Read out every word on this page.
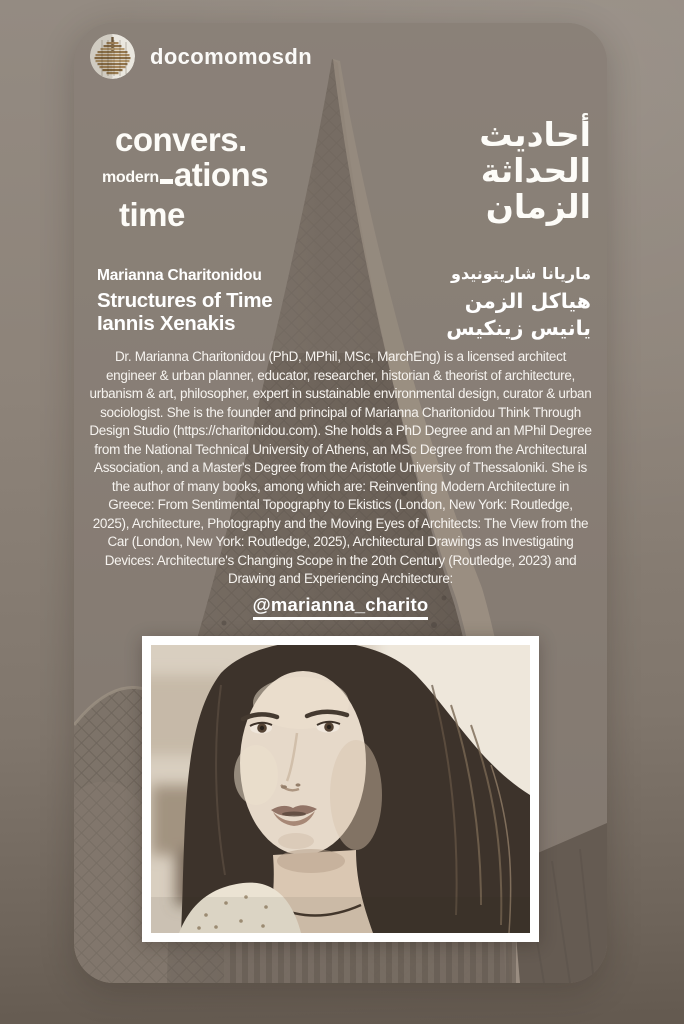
docomomosdn
convers.
modern ations
time
أحاديث
الحداثة
الزمان
Marianna Charitonidou
Structures of Time
Iannis Xenakis
ماريانا شاريتونيدو
هياكل الزمن
يانيس زينكيس
Dr. Marianna Charitonidou (PhD, MPhil, MSc, MarchEng) is a licensed architect engineer & urban planner, educator, researcher, historian & theorist of architecture, urbanism & art, philosopher, expert in sustainable environmental design, curator & urban sociologist. She is the founder and principal of Marianna Charitonidou Think Through Design Studio (https://charitonidou.com). She holds a PhD Degree and an MPhil Degree from the National Technical University of Athens, an MSc Degree from the Architectural Association, and a Master's Degree from the Aristotle University of Thessaloniki. She is the author of many books, among which are: Reinventing Modern Architecture in Greece: From Sentimental Topography to Ekistics (London, New York: Routledge, 2025), Architecture, Photography and the Moving Eyes of Architects: The View from the Car (London, New York: Routledge, 2025), Architectural Drawings as Investigating Devices: Architecture's Changing Scope in the 20th Century (Routledge, 2023) and Drawing and Experiencing Architecture:
@marianna_charito
